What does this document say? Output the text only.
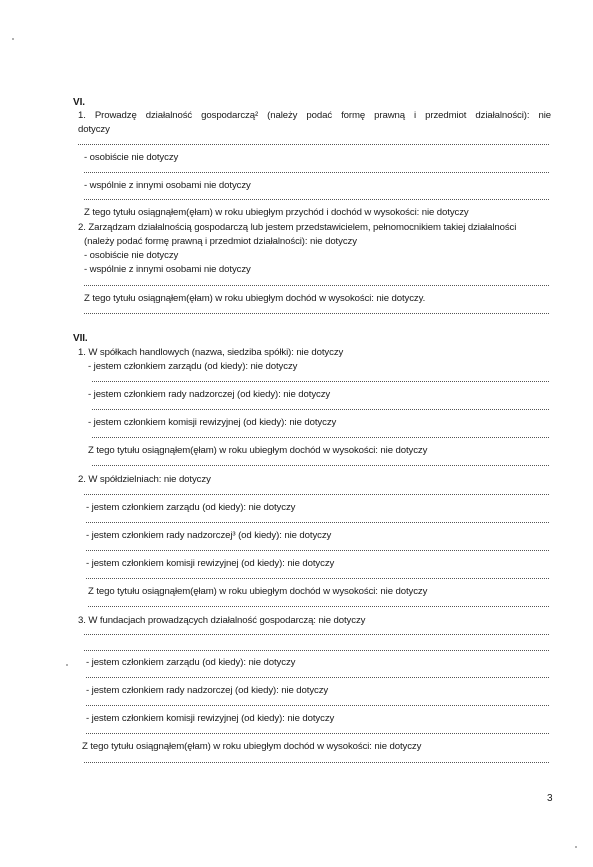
VI.
1. Prowadzę działalność gospodarczą² (należy podać formę prawną i przedmiot działalności): nie
dotyczy
- osobiście nie dotyczy
- wspólnie z innymi osobami nie dotyczy
Z tego tytułu osiągnąłem(ęłam) w roku ubiegłym przychód i dochód w wysokości: nie dotyczy
2. Zarządzam działalnością gospodarczą lub jestem przedstawicielem, pełnomocnikiem takiej działalności
(należy podać formę prawną i przedmiot działalności): nie dotyczy
- osobiście nie dotyczy
- wspólnie z innymi osobami nie dotyczy
Z tego tytułu osiągnąłem(ęłam) w roku ubiegłym dochód w wysokości: nie dotyczy.
VII.
1. W spółkach handlowych (nazwa, siedziba spółki): nie dotyczy
- jestem członkiem zarządu (od kiedy): nie dotyczy
- jestem członkiem rady nadzorczej (od kiedy): nie dotyczy
- jestem członkiem komisji rewizyjnej (od kiedy): nie dotyczy
Z tego tytułu osiągnąłem(ęłam) w roku ubiegłym dochód w wysokości: nie dotyczy
2. W spółdzielniach: nie dotyczy
- jestem członkiem zarządu (od kiedy): nie dotyczy
- jestem członkiem rady nadzorczej³ (od kiedy): nie dotyczy
- jestem członkiem komisji rewizyjnej (od kiedy): nie dotyczy
Z tego tytułu osiągnąłem(ęłam) w roku ubiegłym dochód w wysokości: nie dotyczy
3. W fundacjach prowadzących działalność gospodarczą: nie dotyczy
- jestem członkiem zarządu (od kiedy): nie dotyczy
- jestem członkiem rady nadzorczej (od kiedy): nie dotyczy
- jestem członkiem komisji rewizyjnej (od kiedy): nie dotyczy
Z tego tytułu osiągnąłem(ęłam) w roku ubiegłym dochód w wysokości: nie dotyczy
3
